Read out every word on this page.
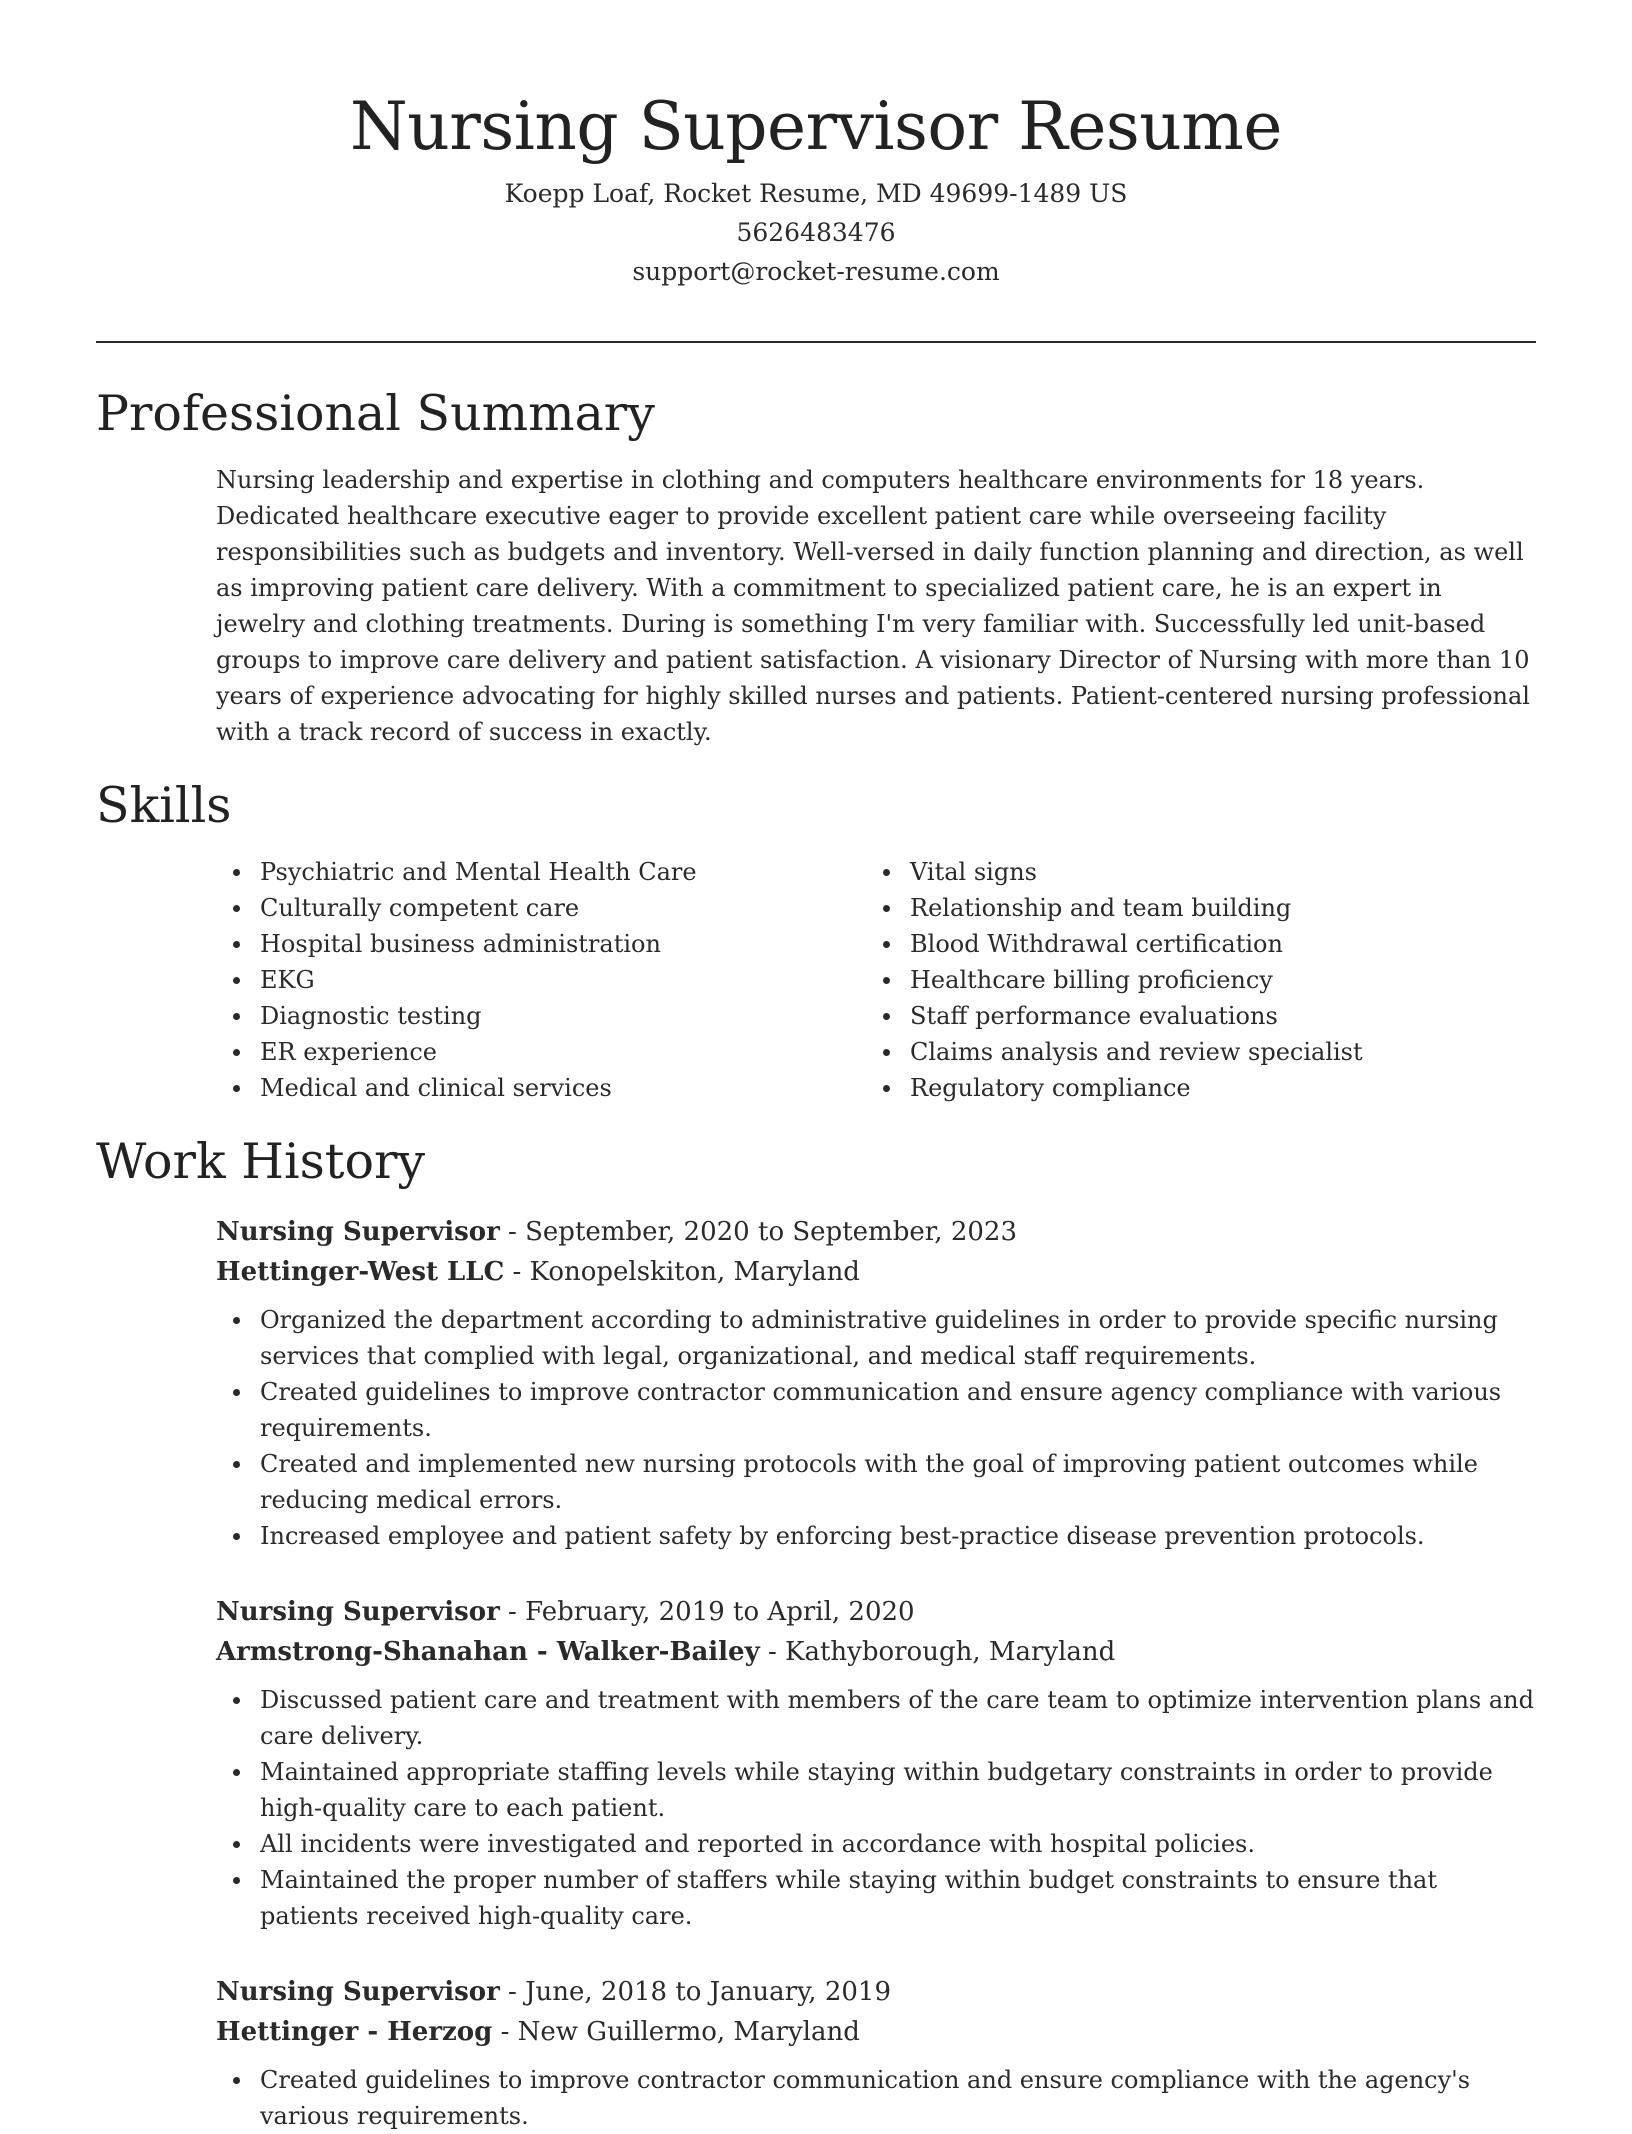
Nursing Supervisor Resume
Koepp Loaf, Rocket Resume, MD 49699-1489 US
5626483476
support@rocket-resume.com
Professional Summary

Nursing leadership and expertise in clothing and computers healthcare environments for 18 years. Dedicated healthcare executive eager to provide excellent patient care while overseeing facility responsibilities such as budgets and inventory. Well-versed in daily function planning and direction, as well as improving patient care delivery. With a commitment to specialized patient care, he is an expert in jewelry and clothing treatments. During is something I'm very familiar with. Successfully led unit-based groups to improve care delivery and patient satisfaction. A visionary Director of Nursing with more than 10 years of experience advocating for highly skilled nurses and patients. Patient-centered nursing professional with a track record of success in exactly.

Skills
Psychiatric and Mental Health Care
Culturally competent care
Hospital business administration
EKG
Diagnostic testing
ER experience
Medical and clinical services
Vital signs
Relationship and team building
Blood Withdrawal certification
Healthcare billing proficiency
Staff performance evaluations
Claims analysis and review specialist
Regulatory compliance
Work History
Nursing Supervisor - September, 2020 to September, 2023
Hettinger-West LLC - Konopelskiton, Maryland
Organized the department according to administrative guidelines in order to provide specific nursing services that complied with legal, organizational, and medical staff requirements.
Created guidelines to improve contractor communication and ensure agency compliance with various requirements.
Created and implemented new nursing protocols with the goal of improving patient outcomes while reducing medical errors.
Increased employee and patient safety by enforcing best-practice disease prevention protocols.
Nursing Supervisor - February, 2019 to April, 2020
Armstrong-Shanahan - Walker-Bailey - Kathyborough, Maryland
Discussed patient care and treatment with members of the care team to optimize intervention plans and care delivery.
Maintained appropriate staffing levels while staying within budgetary constraints in order to provide high-quality care to each patient.
All incidents were investigated and reported in accordance with hospital policies.
Maintained the proper number of staffers while staying within budget constraints to ensure that patients received high-quality care.
Nursing Supervisor - June, 2018 to January, 2019
Hettinger - Herzog - New Guillermo, Maryland
Created guidelines to improve contractor communication and ensure compliance with the agency's various requirements.
